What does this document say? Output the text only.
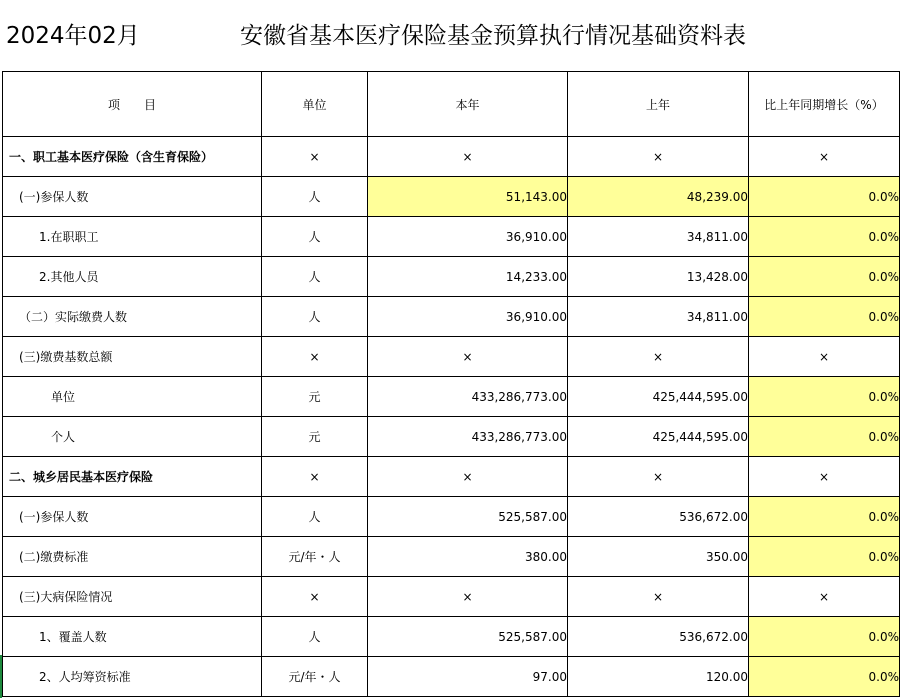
2024年02月	安徽省基本医疗保险基金预算执行情况基础资料表
项　　目	单位	本年	上年	比上年同期增长（%）
一、职工基本医疗保险（含生育保险）	×	×	×	×
(一)参保人数	人	51,143.00	48,239.00	0.0%
1.在职职工	人	36,910.00	34,811.00	0.0%
2.其他人员	人	14,233.00	13,428.00	0.0%
（二）实际缴费人数	人	36,910.00	34,811.00	0.0%
(三)缴费基数总额	×	×	×	×
单位	元	433,286,773.00	425,444,595.00	0.0%
个人	元	433,286,773.00	425,444,595.00	0.0%
二、城乡居民基本医疗保险	×	×	×	×
(一)参保人数	人	525,587.00	536,672.00	0.0%
(二)缴费标准	元/年・人	380.00	350.00	0.0%
(三)大病保险情况	×	×	×	×
1、覆盖人数	人	525,587.00	536,672.00	0.0%
2、人均筹资标准	元/年・人	97.00	120.00	0.0%
